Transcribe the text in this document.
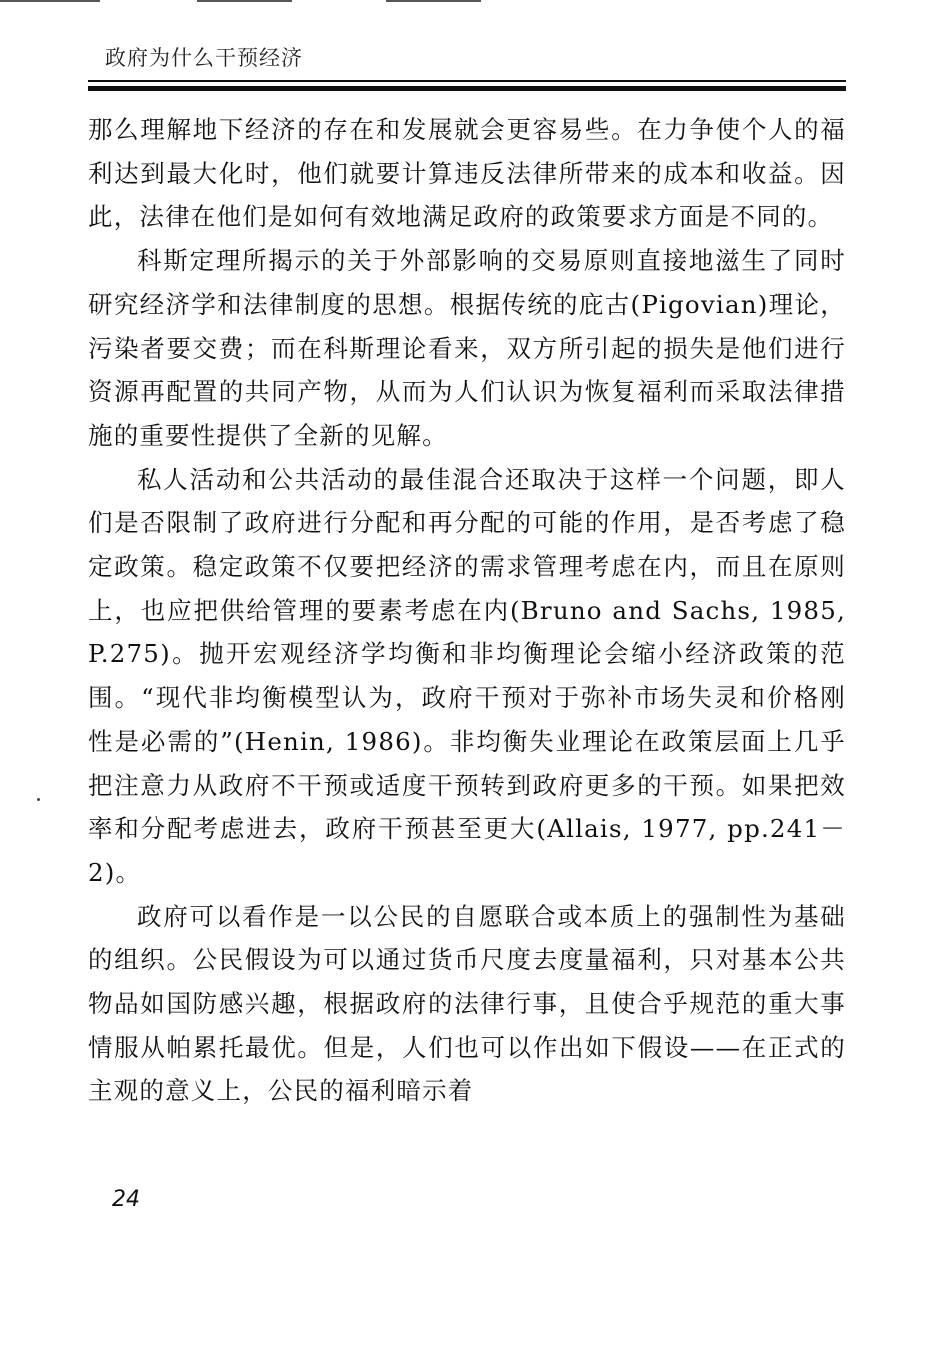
政府为什么干预经济

那么理解地下经济的存在和发展就会更容易些。在力争使个人的福利达到最大化时，他们就要计算违反法律所带来的成本和收益。因此，法律在他们是如何有效地满足政府的政策要求方面是不同的。

科斯定理所揭示的关于外部影响的交易原则直接地滋生了同时研究经济学和法律制度的思想。根据传统的庇古(Pigovian)理论，污染者要交费；而在科斯理论看来，双方所引起的损失是他们进行资源再配置的共同产物，从而为人们认识为恢复福利而采取法律措施的重要性提供了全新的见解。

私人活动和公共活动的最佳混合还取决于这样一个问题，即人们是否限制了政府进行分配和再分配的可能的作用，是否考虑了稳定政策。稳定政策不仅要把经济的需求管理考虑在内，而且在原则上，也应把供给管理的要素考虑在内(Bruno and Sachs, 1985, P.275)。抛开宏观经济学均衡和非均衡理论会缩小经济政策的范围。“现代非均衡模型认为，政府干预对于弥补市场失灵和价格刚性是必需的”(Henin, 1986)。非均衡失业理论在政策层面上几乎把注意力从政府不干预或适度干预转到政府更多的干预。如果把效率和分配考虑进去，政府干预甚至更大(Allais, 1977, pp.241－2)。

政府可以看作是一以公民的自愿联合或本质上的强制性为基础的组织。公民假设为可以通过货币尺度去度量福利，只对基本公共物品如国防感兴趣，根据政府的法律行事，且使合乎规范的重大事情服从帕累托最优。但是，人们也可以作出如下假设——在正式的主观的意义上，公民的福利暗示着

24
